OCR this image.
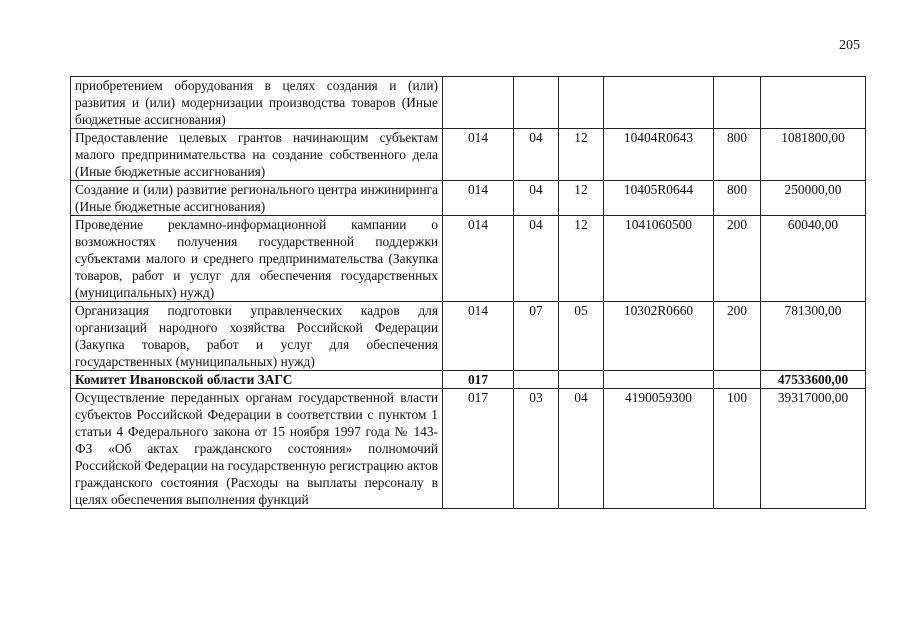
205
приобретением оборудования в целях создания и (или) развития и (или) модернизации производства товаров (Иные бюджетные ассигнования)						
Предоставление целевых грантов начинающим субъектам малого предпринимательства на создание собственного дела (Иные бюджетные ассигнования)	014	04	12	10404R0643	800	1081800,00
Создание и (или) развитие регионального центра инжиниринга (Иные бюджетные ассигнования)	014	04	12	10405R0644	800	250000,00
Проведение рекламно-информационной кампании о возможностях получения государственной поддержки субъектами малого и среднего предпринимательства (Закупка товаров, работ и услуг для обеспечения государственных (муниципальных) нужд)	014	04	12	1041060500	200	60040,00
Организация подготовки управленческих кадров для организаций народного хозяйства Российской Федерации (Закупка товаров, работ и услуг для обеспечения государственных (муниципальных) нужд)	014	07	05	10302R0660	200	781300,00
Комитет Ивановской области ЗАГС	017					47533600,00
Осуществление переданных органам государственной власти субъектов Российской Федерации в соответствии с пунктом 1 статьи 4 Федерального закона от 15 ноября 1997 года № 143-ФЗ «Об актах гражданского состояния» полномочий Российской Федерации на государственную регистрацию актов гражданского состояния (Расходы на выплаты персоналу в целях обеспечения выполнения функций	017	03	04	4190059300	100	39317000,00
